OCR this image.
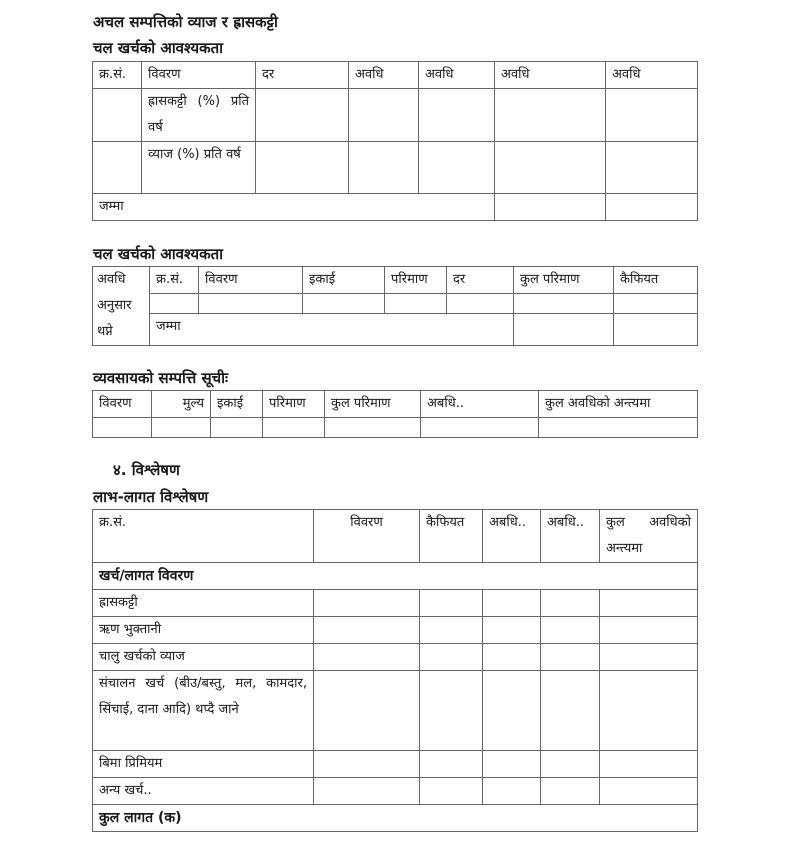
अचल सम्पत्तिको व्याज र ह्रासकट्टी
चल खर्चको आवश्यकता
क्र.सं.	विवरण	दर	अवधि	अवधि	अवधि	अवधि
	ह्रासकट्टी (%) प्रति वर्ष					
	व्याज (%) प्रति वर्ष					
जम्मा						
चल खर्चको आवश्यकता
अवधि अनुसार थप्ने	क्र.सं.	विवरण	इकाई	परिमाण	दर	कुल परिमाण	कैफियत

	जम्मा						
व्यवसायको सम्पत्ति सूचीः
विवरण	मुल्य	इकाई	परिमाण	कुल परिमाण	अबधि..	कुल अवधिको अन्त्यमा

४. विश्लेषण
लाभ-लागत विश्लेषण
क्र.सं.	विवरण	कैफियत	अबधि..	अबधि..	कुल अवधिको अन्त्यमा
खर्च/लागत विवरण					
ह्रासकट्टी					
ऋण भुक्तानी					
चालु खर्चको व्याज					
संचालन खर्च (बीउ/बस्तु, मल, कामदार, सिंचाई, दाना आदि) थप्दै जाने					
बिमा प्रिमियम					
अन्य खर्च..					
कुल लागत (क)					
